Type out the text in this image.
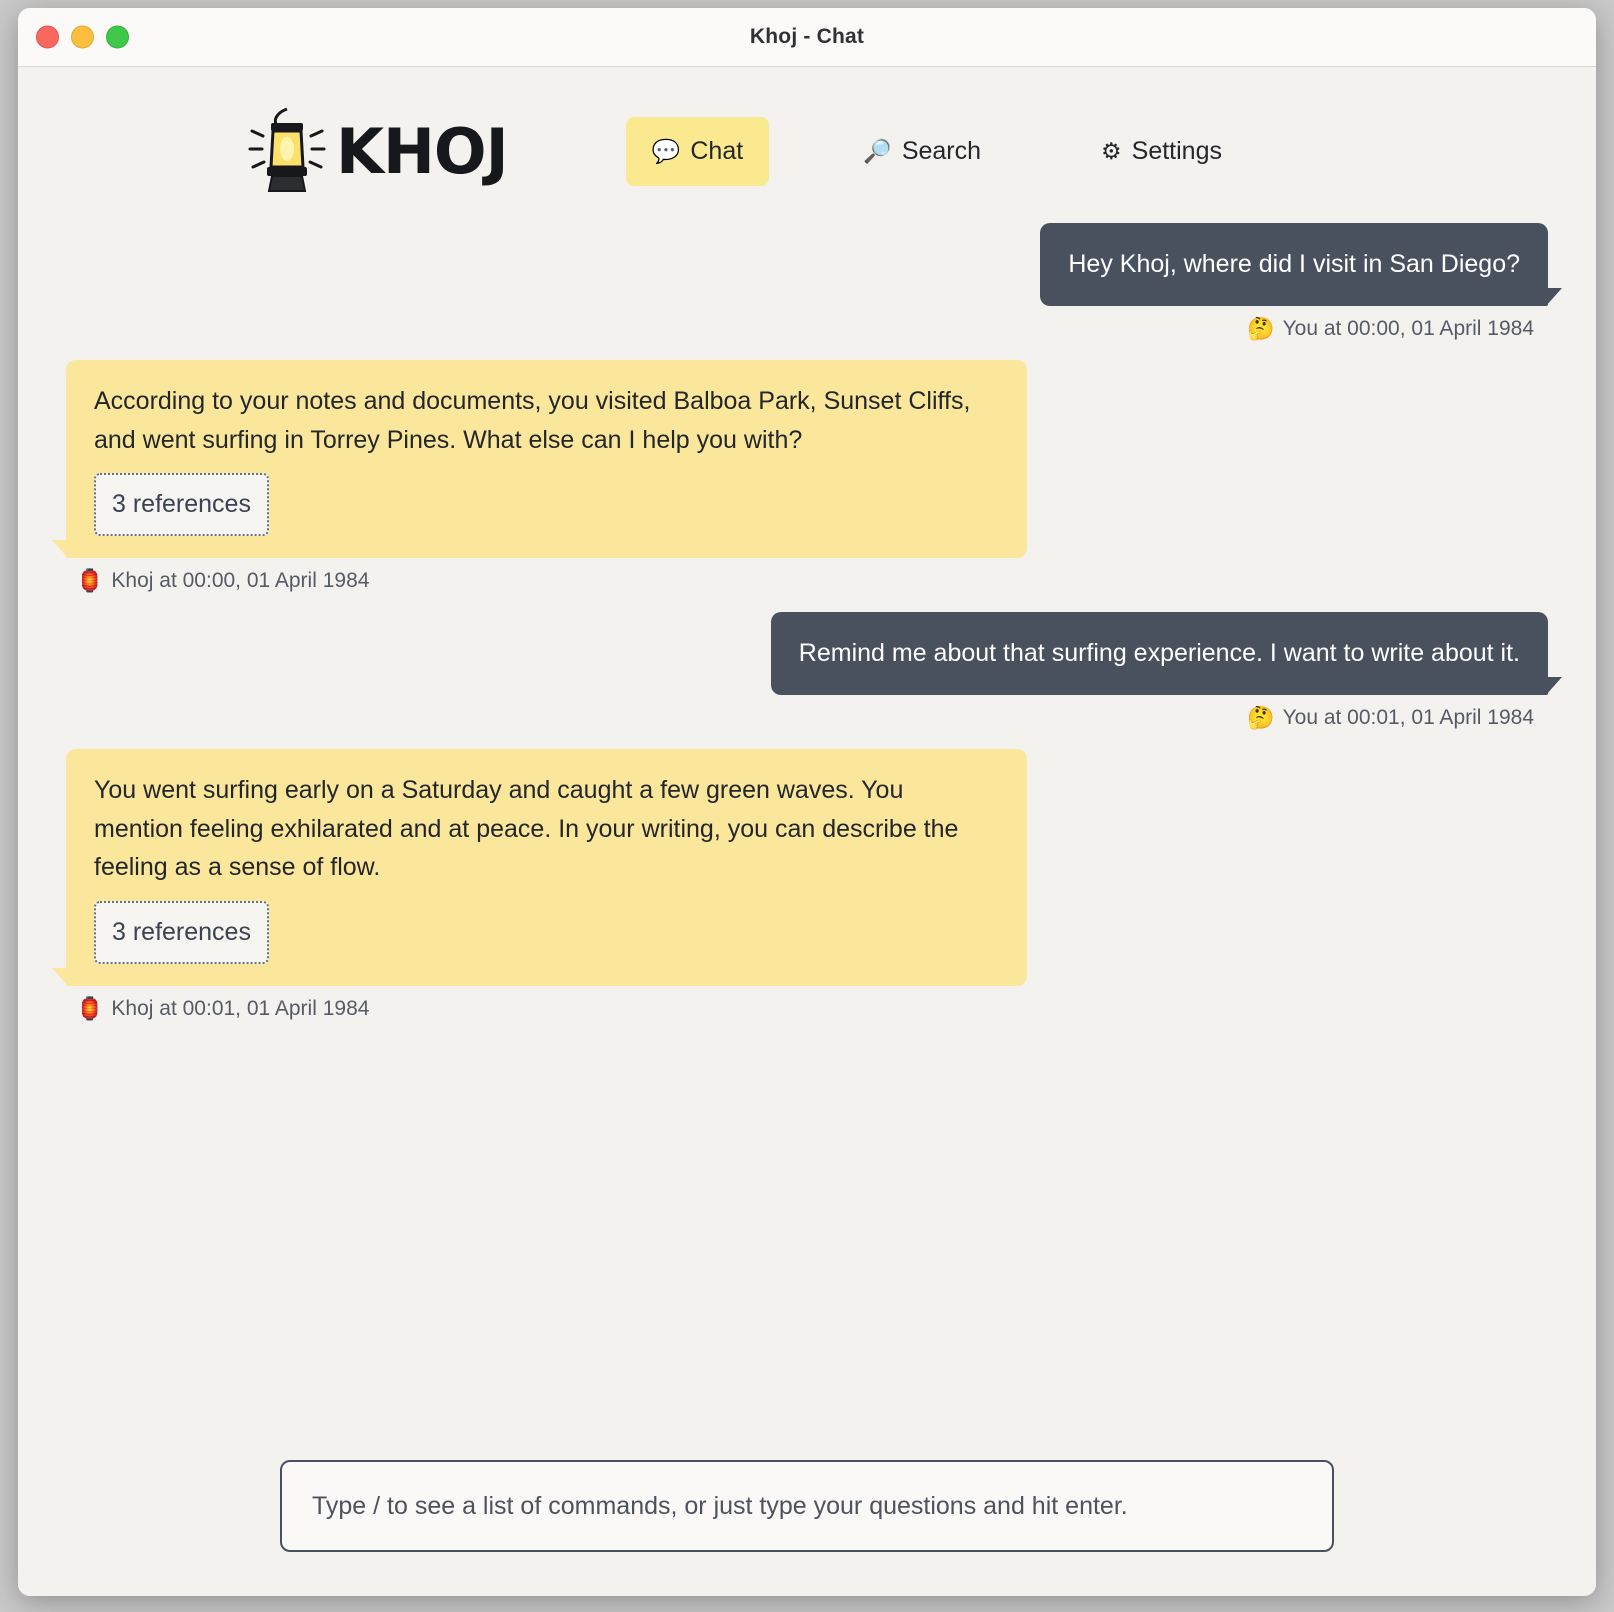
Khoj - Chat
KHOJ	💬 Chat	🔎 Search	⚙ Settings
Hey Khoj, where did I visit in San Diego?
🤔 You at 00:00, 01 April 1984
According to your notes and documents, you visited Balboa Park, Sunset Cliffs, and went surfing in Torrey Pines. What else can I help you with?
3 references
🏮 Khoj at 00:00, 01 April 1984
Remind me about that surfing experience. I want to write about it.
🤔 You at 00:01, 01 April 1984
You went surfing early on a Saturday and caught a few green waves. You mention feeling exhilarated and at peace. In your writing, you can describe the feeling as a sense of flow.
3 references
🏮 Khoj at 00:01, 01 April 1984
Type / to see a list of commands, or just type your questions and hit enter.
